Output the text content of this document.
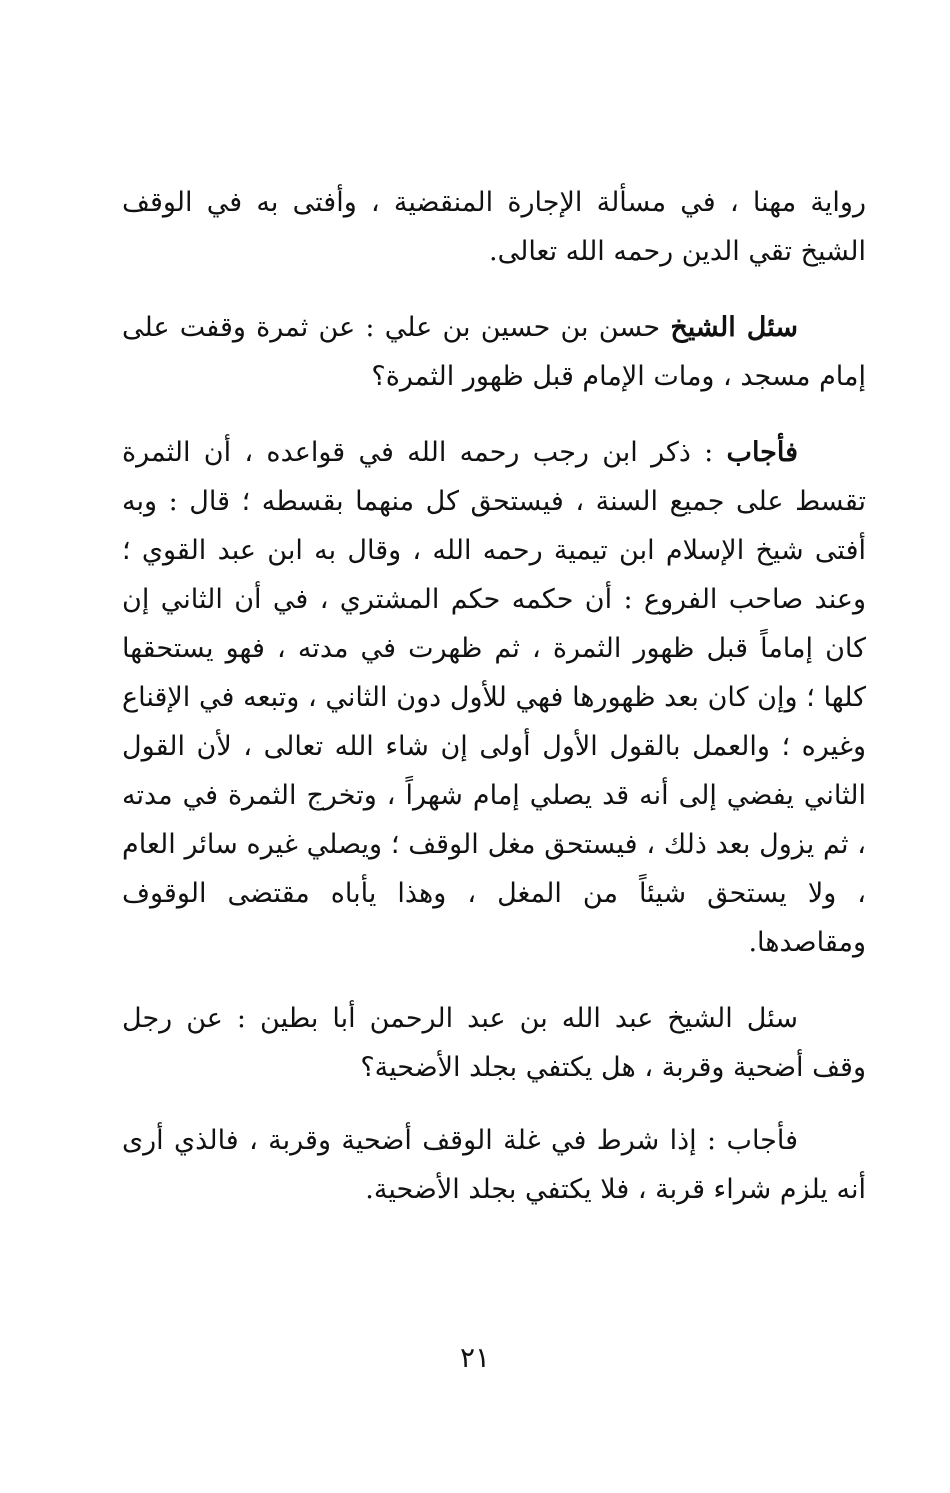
رواية مهنا ، في مسألة الإجارة المنقضية ، وأفتى به في الوقف الشيخ تقي الدين رحمه الله تعالى.

سئل الشيخ حسن بن حسين بن علي : عن ثمرة وقفت على إمام مسجد ، ومات الإمام قبل ظهور الثمرة؟

فأجاب : ذكر ابن رجب رحمه الله في قواعده ، أن الثمرة تقسط على جميع السنة ، فيستحق كل منهما بقسطه ؛ قال : وبه أفتى شيخ الإسلام ابن تيمية رحمه الله ، وقال به ابن عبد القوي ؛ وعند صاحب الفروع : أن حكمه حكم المشتري ، في أن الثاني إن كان إماماً قبل ظهور الثمرة ، ثم ظهرت في مدته ، فهو يستحقها كلها ؛ وإن كان بعد ظهورها فهي للأول دون الثاني ، وتبعه في الإقناع وغيره ؛ والعمل بالقول الأول أولى إن شاء الله تعالى ، لأن القول الثاني يفضي إلى أنه قد يصلي إمام شهراً ، وتخرج الثمرة في مدته ، ثم يزول بعد ذلك ، فيستحق مغل الوقف ؛ ويصلي غيره سائر العام ، ولا يستحق شيئاً من المغل ، وهذا يأباه مقتضى الوقوف ومقاصدها.

سئل الشيخ عبد الله بن عبد الرحمن أبا بطين : عن رجل وقف أضحية وقربة ، هل يكتفي بجلد الأضحية؟

فأجاب : إذا شرط في غلة الوقف أضحية وقربة ، فالذي أرى أنه يلزم شراء قربة ، فلا يكتفي بجلد الأضحية.

٢١
